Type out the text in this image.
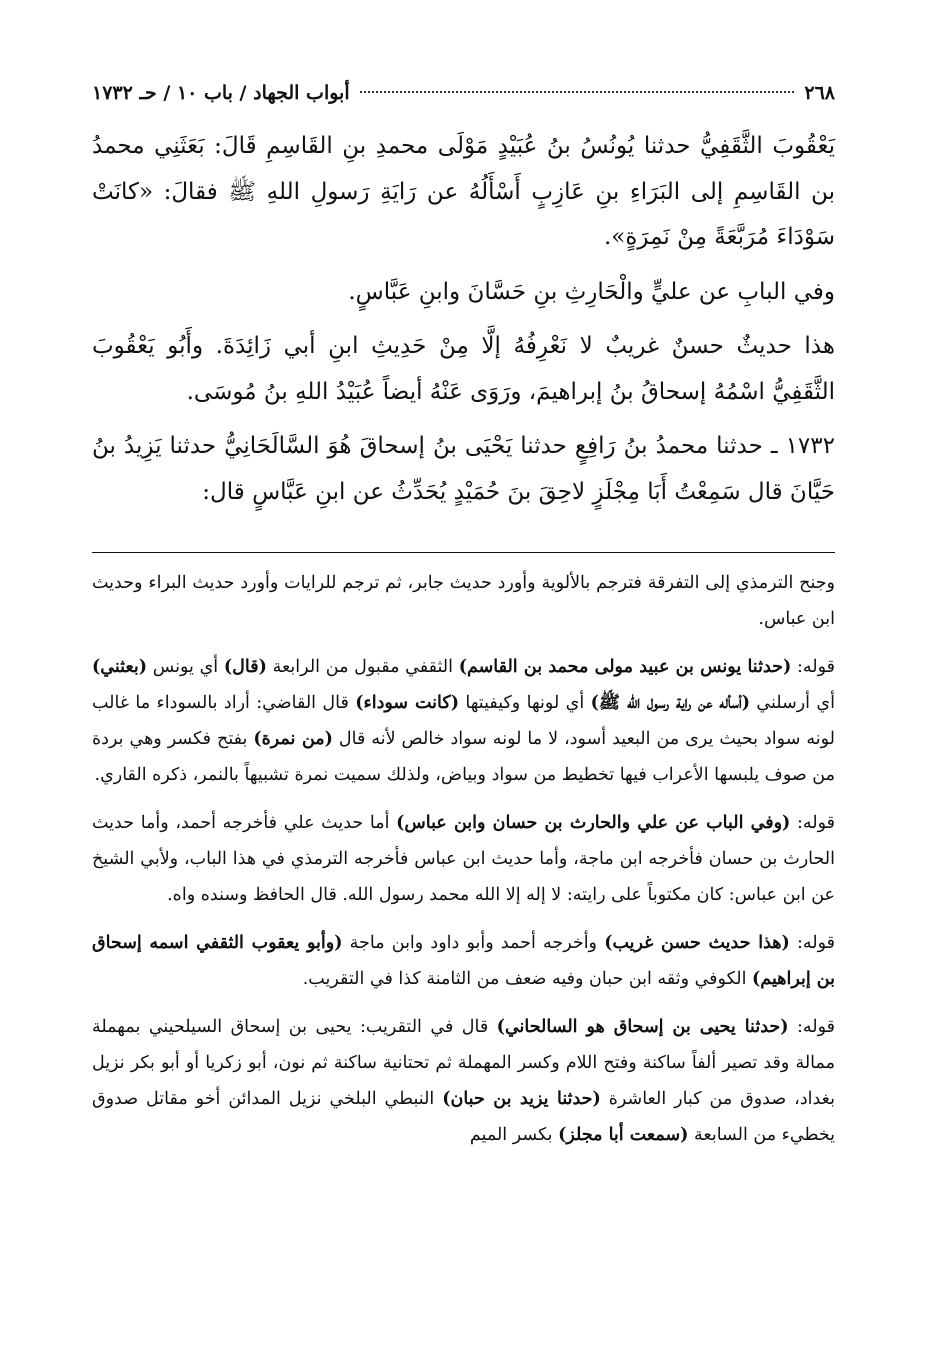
٢٦٨
أبواب الجهاد / باب ١٠ / حـ ١٧٣٢

يَعْقُوبَ الثَّقَفِيُّ حدثنا يُونُسُ بنُ عُبَيْدٍ مَوْلَى محمدِ بنِ القَاسِمِ قَالَ: بَعَثَنِي محمدُ بن القَاسِمِ إلى البَرَاءِ بنِ عَازِبٍ أَسْأَلُهُ عن رَايَةِ رَسولِ اللهِ ﷺ فقالَ: «كانَتْ سَوْدَاءَ مُرَبَّعَةً مِنْ نَمِرَةٍ».

وفي البابِ عن عليٍّ والْحَارِثِ بنِ حَسَّانَ وابنِ عَبَّاسٍ.

هذا حديثٌ حسنٌ غريبٌ لا نَعْرِفُهُ إلَّا مِنْ حَدِيثِ ابنِ أبي زَائِدَةَ. وأَبُو يَعْقُوبَ الثَّقَفِيُّ اسْمُهُ إسحاقُ بنُ إبراهيمَ، ورَوَى عَنْهُ أيضاً عُبَيْدُ اللهِ بنُ مُوسَى.

١٧٣٢ ـ حدثنا محمدُ بنُ رَافِعٍ حدثنا يَحْيَى بنُ إسحاقَ هُوَ السَّالَحَانِيُّ حدثنا يَزِيدُ بنُ حَيَّانَ قال سَمِعْتُ أَبَا مِجْلَزٍ لاحِقَ بنَ حُمَيْدٍ يُحَدِّثُ عن ابنِ عَبَّاسٍ قال:

وجنح الترمذي إلى التفرقة فترجم بالألوية وأورد حديث جابر، ثم ترجم للرايات وأورد حديث البراء وحديث ابن عباس.

قوله: (حدثنا يونس بن عبيد مولى محمد بن القاسم) الثقفي مقبول من الرابعة (قال) أي يونس (بعثني) أي أرسلني (أسأله عن راية رسول الله ﷺ) أي لونها وكيفيتها (كانت سوداء) قال القاضي: أراد بالسوداء ما غالب لونه سواد بحيث يرى من البعيد أسود، لا ما لونه سواد خالص لأنه قال (من نمرة) بفتح فكسر وهي بردة من صوف يلبسها الأعراب فيها تخطيط من سواد وبياض، ولذلك سميت نمرة تشبيهاً بالنمر، ذكره القاري.

قوله: (وفي الباب عن علي والحارث بن حسان وابن عباس) أما حديث علي فأخرجه أحمد، وأما حديث الحارث بن حسان فأخرجه ابن ماجة، وأما حديث ابن عباس فأخرجه الترمذي في هذا الباب، ولأبي الشيخ عن ابن عباس: كان مكتوباً على رايته: لا إله إلا الله محمد رسول الله. قال الحافظ وسنده واه.

قوله: (هذا حديث حسن غريب) وأخرجه أحمد وأبو داود وابن ماجة (وأبو يعقوب الثقفي اسمه إسحاق بن إبراهيم) الكوفي وثقه ابن حبان وفيه ضعف من الثامنة كذا في التقريب.

قوله: (حدثنا يحيى بن إسحاق هو السالحاني) قال في التقريب: يحيى بن إسحاق السيلحيني بمهملة ممالة وقد تصير ألفاً ساكنة وفتح اللام وكسر المهملة ثم تحتانية ساكنة ثم نون، أبو زكريا أو أبو بكر نزيل بغداد، صدوق من كبار العاشرة (حدثنا يزيد بن حبان) النبطي البلخي نزيل المدائن أخو مقاتل صدوق يخطيء من السابعة (سمعت أبا مجلز) بكسر الميم
